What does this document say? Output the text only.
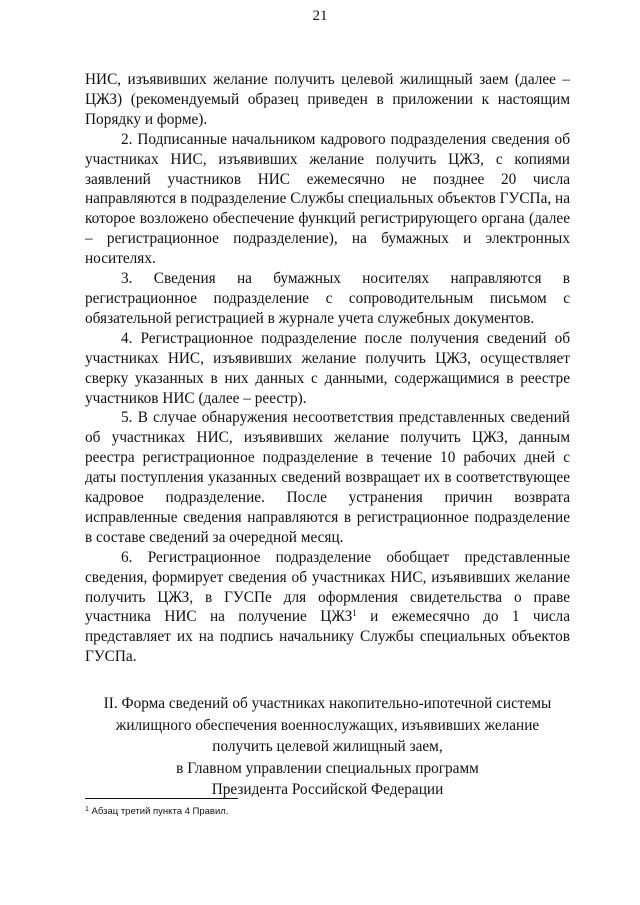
21

НИС, изъявивших желание получить целевой жилищный заем (далее – ЦЖЗ) (рекомендуемый образец приведен в приложении к настоящим Порядку и форме).

2. Подписанные начальником кадрового подразделения сведения об участниках НИС, изъявивших желание получить ЦЖЗ, с копиями заявлений участников НИС ежемесячно не позднее 20 числа направляются в подразделение Службы специальных объектов ГУСПа, на которое возложено обеспечение функций регистрирующего органа (далее – регистрационное подразделение), на бумажных и электронных носителях.

3. Сведения на бумажных носителях направляются в регистрационное подразделение с сопроводительным письмом с обязательной регистрацией в журнале учета служебных документов.

4. Регистрационное подразделение после получения сведений об участниках НИС, изъявивших желание получить ЦЖЗ, осуществляет сверку указанных в них данных с данными, содержащимися в реестре участников НИС (далее – реестр).

5. В случае обнаружения несоответствия представленных сведений об участниках НИС, изъявивших желание получить ЦЖЗ, данным реестра регистрационное подразделение в течение 10 рабочих дней с даты поступления указанных сведений возвращает их в соответствующее кадровое подразделение. После устранения причин возврата исправленные сведения направляются в регистрационное подразделение в составе сведений за очередной месяц.

6. Регистрационное подразделение обобщает представленные сведения, формирует сведения об участниках НИС, изъявивших желание получить ЦЖЗ, в ГУСПе для оформления свидетельства о праве участника НИС на получение ЦЖЗ$^1$ и ежемесячно до 1 числа представляет их на подпись начальнику Службы специальных объектов ГУСПа.

II. Форма сведений об участниках накопительно-ипотечной системы
жилищного обеспечения военнослужащих, изъявивших желание
получить целевой жилищный заем,
в Главном управлении специальных программ
Президента Российской Федерации
$^1$ Абзац третий пункта 4 Правил.
